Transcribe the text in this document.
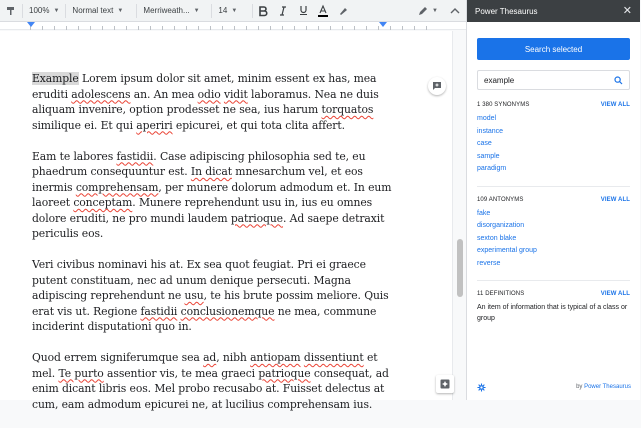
100% ▼ Normal text ▼	Merriweath... ▼ 14 ▼	▼

Example Lorem ipsum dolor sit amet, minim essent ex has, mea eruditi adolescens an. An mea odio vidit laboramus. Nea ne duis aliquam invenire, option prodesset ne sea, ius harum torquatos similique ei. Et qui aperiri epicurei, et qui tota clita affert.

Eam te labores fastidii. Case adipiscing philosophia sed te, eu phaedrum consequuntur est. In dicat mnesarchum vel, et eos inermis comprehensam, per munere dolorum admodum et. In eum laoreet conceptam. Munere reprehendunt usu in, ius eu omnes dolore eruditi, ne pro mundi laudem patrioque. Ad saepe detraxit periculis eos.

Veri civibus nominavi his at. Ex sea quot feugiat. Pri ei graece putent constituam, nec ad unum denique persecuti. Magna adipiscing reprehendunt ne usu, te his brute possim meliore. Quis erat vis ut. Regione fastidii conclusionemque ne mea, commune inciderint disputationi quo in.

Quod errem signiferumque sea ad, nibh antiopam dissentiunt et mel. Te purto assentior vis, te mea graeci patrioque consequat, ad enim dicant libris eos. Mel probo recusabo at. Fuisset delectus at cum, eam admodum epicurei ne, at lucilius comprehensam ius.

Power Thesaurus	✕
Search selected
example
1 380 SYNONYMS	VIEW ALL
model
instance
case
sample
paradigm
109 ANTONYMS	VIEW ALL
fake
disorganization
sexton blake
experimental group
reverse
11 DEFINITIONS	VIEW ALL
An item of information that is typical of a class or group
by Power Thesaurus
